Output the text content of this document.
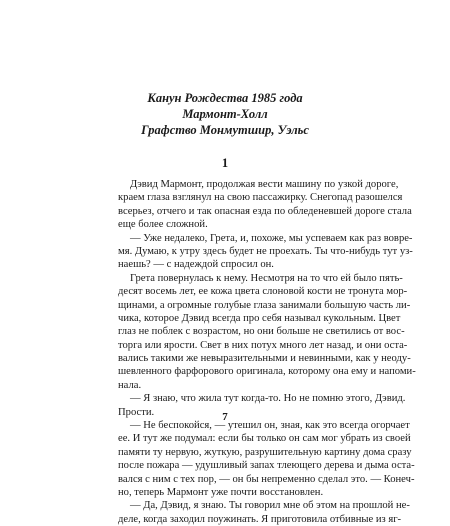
Канун Рождества 1985 года
Мармонт-Холл
Графство Монмутшир, Уэльс
1
Дэвид Мармонт, продолжая вести машину по узкой дороге,
краем глаза взглянул на свою пассажирку. Снегопад разошелся
всерьез, отчего и так опасная езда по обледеневшей дороге стала
еще более сложной.
— Уже недалеко, Грета, и, похоже, мы успеваем как раз вовре-
мя. Думаю, к утру здесь будет не проехать. Ты что-нибудь тут уз-
наешь? — с надеждой спросил он.
Грета повернулась к нему. Несмотря на то что ей было пять-
десят восемь лет, ее кожа цвета слоновой кости не тронута мор-
щинами, а огромные голубые глаза занимали большую часть ли-
чика, которое Дэвид всегда про себя называл кукольным. Цвет
глаз не поблек с возрастом, но они больше не светились от вос-
торга или ярости. Свет в них потух много лет назад, и они оста-
вались такими же невыразительными и невинными, как у неоду-
шевленного фарфорового оригинала, которому она ему и напоми-
нала.
— Я знаю, что жила тут когда-то. Но не помню этого, Дэвид.
Прости.
— Не беспокойся, — утешил он, зная, как это всегда огорчает
ее. И тут же подумал: если бы только он сам мог убрать из своей
памяти ту нервую, жуткую, разрушительную картину дома сразу
после пожара — удушливый запах тлеющего дерева и дыма оста-
вался с ним с тех пор, — он бы непременно сделал это. — Конеч-
но, теперь Мармонт уже почти восстановлен.
— Да, Дэвид, я знаю. Ты говорил мне об этом на прошлой не-
деле, когда заходил поужинать. Я приготовила отбивные из яг-
7
